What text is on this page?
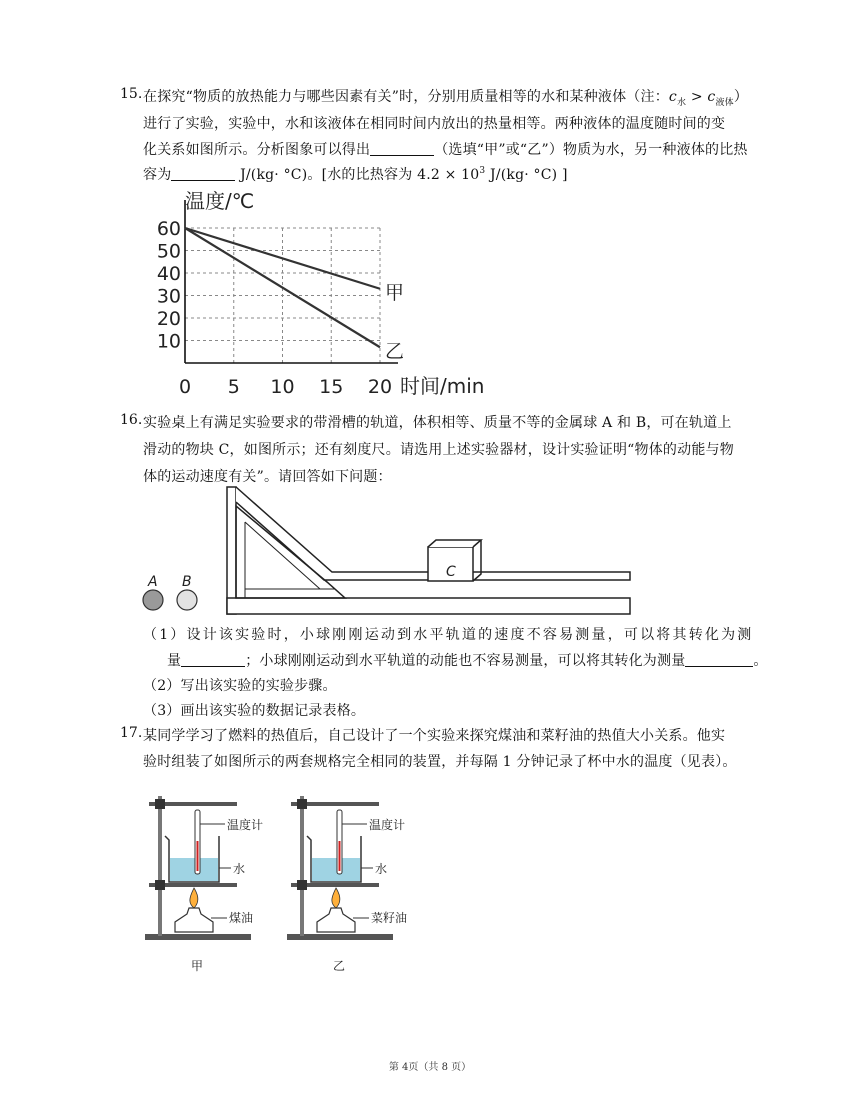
15. 在探究“物质的放热能力与哪些因素有关”时，分别用质量相等的水和某种液体（注：$c_水 > c_{液体}$）
进行了实验，实验中，水和该液体在相同时间内放出的热量相等。两种液体的温度随时间的变
化关系如图所示。分析图象可以得出	（选填“甲”或“乙”）物质为水，另一种液体的比热
容为	J/(kg· °C)。[水的比热容为 $4.2 \times 10^3$ J/(kg· °C) ]
甲
乙
10
20
30
40
50
60
0 5 10 15 20
温度/℃
时间/min
16. 实验桌上有满足实验要求的带滑槽的轨道，体积相等、质量不等的金属球 A 和 B，可在轨道上
滑动的物块 C，如图所示；还有刻度尺。请选用上述实验器材，设计实验证明“物体的动能与物
体的运动速度有关”。请回答如下问题：
C
A B
（1）设计该实验时，小球刚刚运动到水平轨道的速度不容易测量，可以将其转化为测
量	；小球刚刚运动到水平轨道的动能也不容易测量，可以将其转化为测量	。
（2）写出该实验的实验步骤。
（3）画出该实验的数据记录表格。
17. 某同学学习了燃料的热值后，自己设计了一个实验来探究煤油和菜籽油的热值大小关系。他实
验时组装了如图所示的两套规格完全相同的装置，并每隔 1 分钟记录了杯中水的温度（见表）。
温度计
水
煤油
甲
温度计
水
菜籽油
乙
第 4页（共 8 页）
